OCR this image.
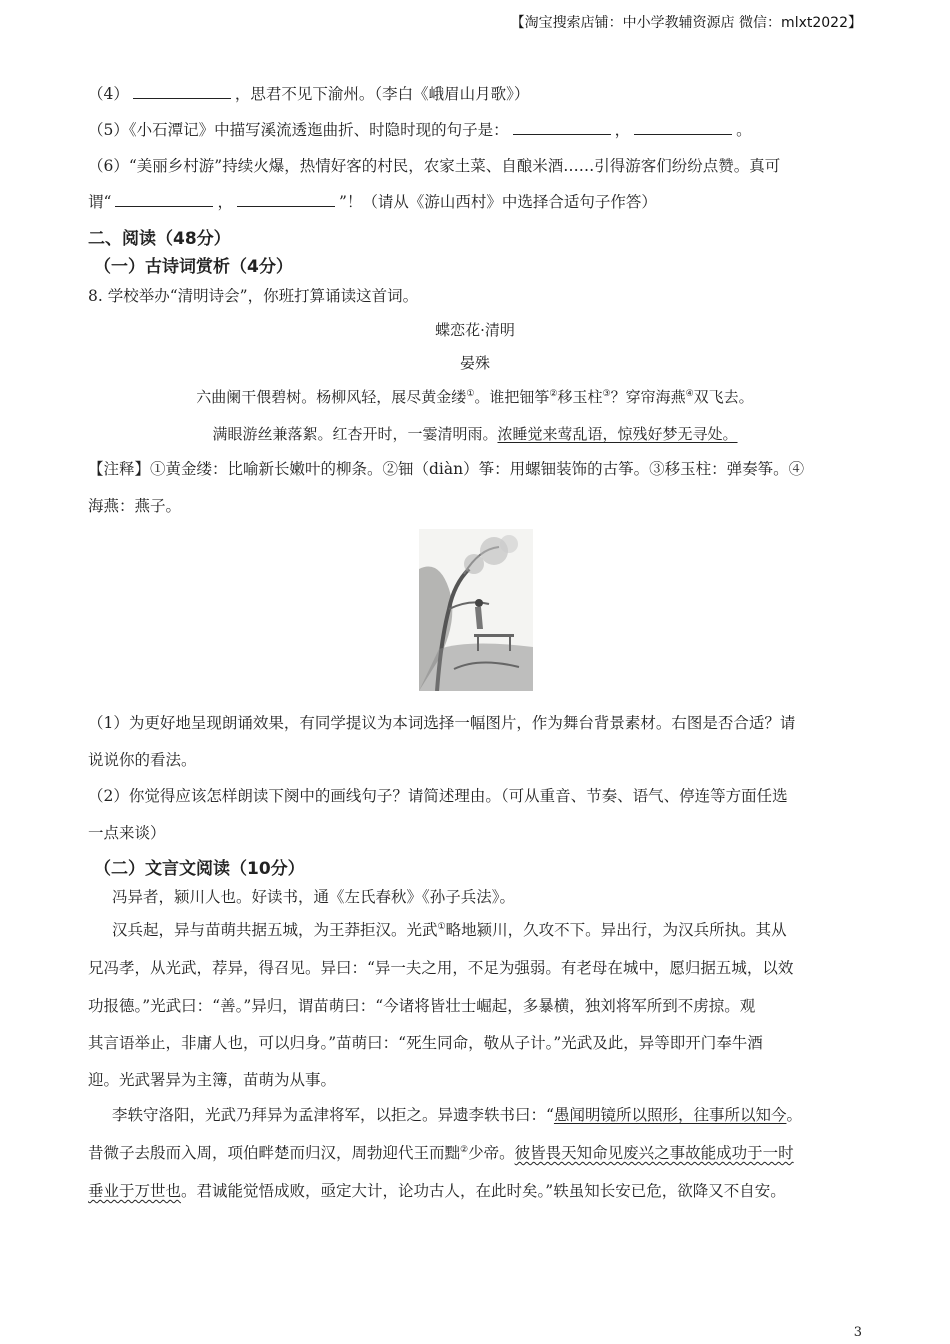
【淘宝搜索店铺：中小学教辅资源店 微信：mlxt2022】
（4）	，思君不见下渝州。（李白《峨眉山月歌》）
（5）《小石潭记》中描写溪流透迤曲折、时隐时现的句子是：	，	。
（6）“美丽乡村游”持续火爆，热情好客的村民，农家土菜、自酿米酒……引得游客们纷纷点赞。真可
谓“	，	”！（请从《游山西村》中选择合适句子作答）
二、阅读（48分）
（一）古诗词赏析（4分）
8. 学校举办“清明诗会”，你班打算诵读这首词。
蝶恋花·清明
晏殊
六曲阑干偎碧树。杨柳风轻，展尽黄金缕①。谁把钿筝②移玉柱③？穿帘海燕④双飞去。
满眼游丝兼落絮。红杏开时，一霎清明雨。浓睡觉来莺乱语，惊残好梦无寻处。
【注释】①黄金缕：比喻新长嫩叶的柳条。②钿（diàn）筝：用螺钿装饰的古筝。③移玉柱：弹奏筝。④
海燕：燕子。
（1）为更好地呈现朗诵效果，有同学提议为本词选择一幅图片，作为舞台背景素材。右图是否合适？请
说说你的看法。
（2）你觉得应该怎样朗读下阕中的画线句子？请简述理由。（可从重音、节奏、语气、停连等方面任选
一点来谈）
（二）文言文阅读（10分）
冯异者，颍川人也。好读书，通《左氏春秋》《孙子兵法》。
汉兵起，异与苗萌共据五城，为王莽拒汉。光武①略地颍川，久攻不下。异出行，为汉兵所执。其从
兄冯孝，从光武，荐异，得召见。异曰：“异一夫之用，不足为强弱。有老母在城中，愿归据五城，以效
功报德。”光武曰：“善。”异归，谓苗萌曰：“今诸将皆壮士崛起，多暴横，独刘将军所到不虏掠。观
其言语举止，非庸人也，可以归身。”苗萌曰：“死生同命，敬从子计。”光武及此，异等即开门奉牛酒
迎。光武署异为主簿，苗萌为从事。
李轶守洛阳，光武乃拜异为孟津将军，以拒之。异遗李轶书曰：“愚闻明镜所以照形，往事所以知今。
昔微子去殷而入周，项伯畔楚而归汉，周勃迎代王而黜②少帝。彼皆畏天知命见废兴之事故能成功于一时
垂业于万世也。君诚能觉悟成败，亟定大计，论功古人，在此时矣。”轶虽知长安已危，欲降又不自安。
3
